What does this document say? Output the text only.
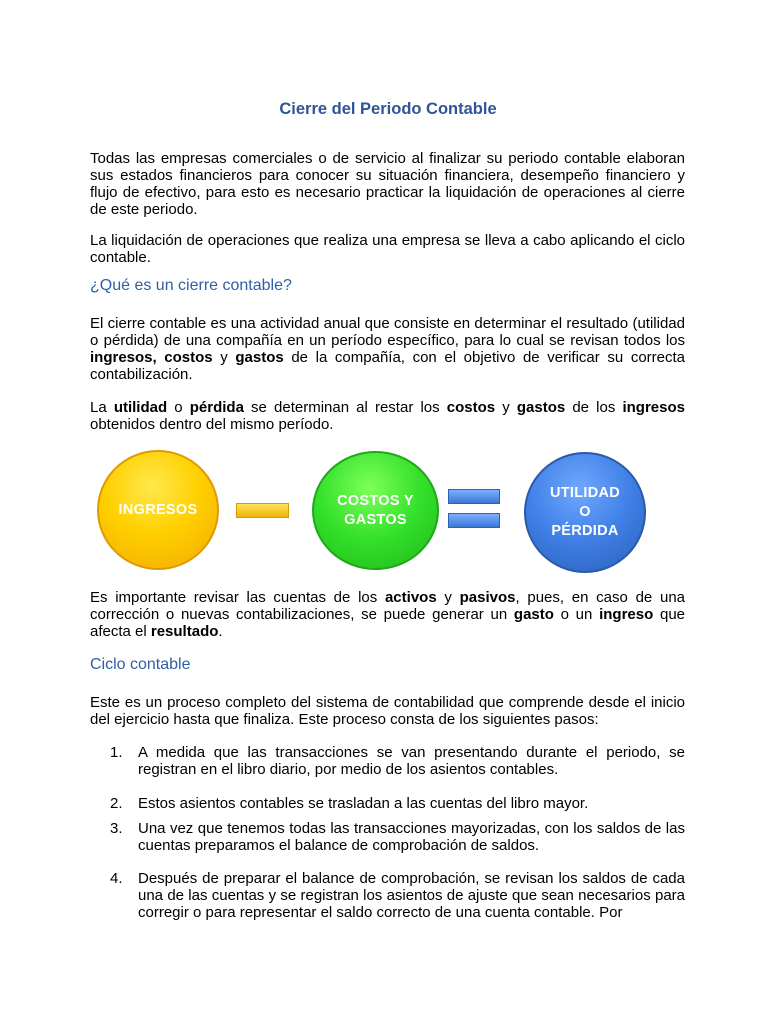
Cierre del Periodo Contable

Todas las empresas comerciales o de servicio al finalizar su periodo contable elaboran sus estados financieros para conocer su situación financiera, desempeño financiero y flujo de efectivo, para esto es necesario practicar la liquidación de operaciones al cierre de este periodo.

La liquidación de operaciones que realiza una empresa se lleva a cabo aplicando el ciclo contable.

¿Qué es un cierre contable?

El cierre contable es una actividad anual que consiste en determinar el resultado (utilidad o pérdida) de una compañía en un período específico, para lo cual se revisan todos los ingresos, costos y gastos de la compañía, con el objetivo de verificar su correcta contabilización.

La utilidad o pérdida se determinan al restar los costos y gastos de los ingresos obtenidos dentro del mismo período.

INGRESOS
COSTOS Y
GASTOS
UTILIDAD
O
PÉRDIDA

Es importante revisar las cuentas de los activos y pasivos, pues, en caso de una corrección o nuevas contabilizaciones, se puede generar un gasto o un ingreso que afecta el resultado.

Ciclo contable

Este es un proceso completo del sistema de contabilidad que comprende desde el inicio del ejercicio hasta que finaliza. Este proceso consta de los siguientes pasos:

1. A medida que las transacciones se van presentando durante el periodo, se registran en el libro diario, por medio de los asientos contables.
2. Estos asientos contables se trasladan a las cuentas del libro mayor.
3. Una vez que tenemos todas las transacciones mayorizadas, con los saldos de las cuentas preparamos el balance de comprobación de saldos.
4. Después de preparar el balance de comprobación, se revisan los saldos de cada una de las cuentas y se registran los asientos de ajuste que sean necesarios para corregir o para representar el saldo correcto de una cuenta contable. Por
